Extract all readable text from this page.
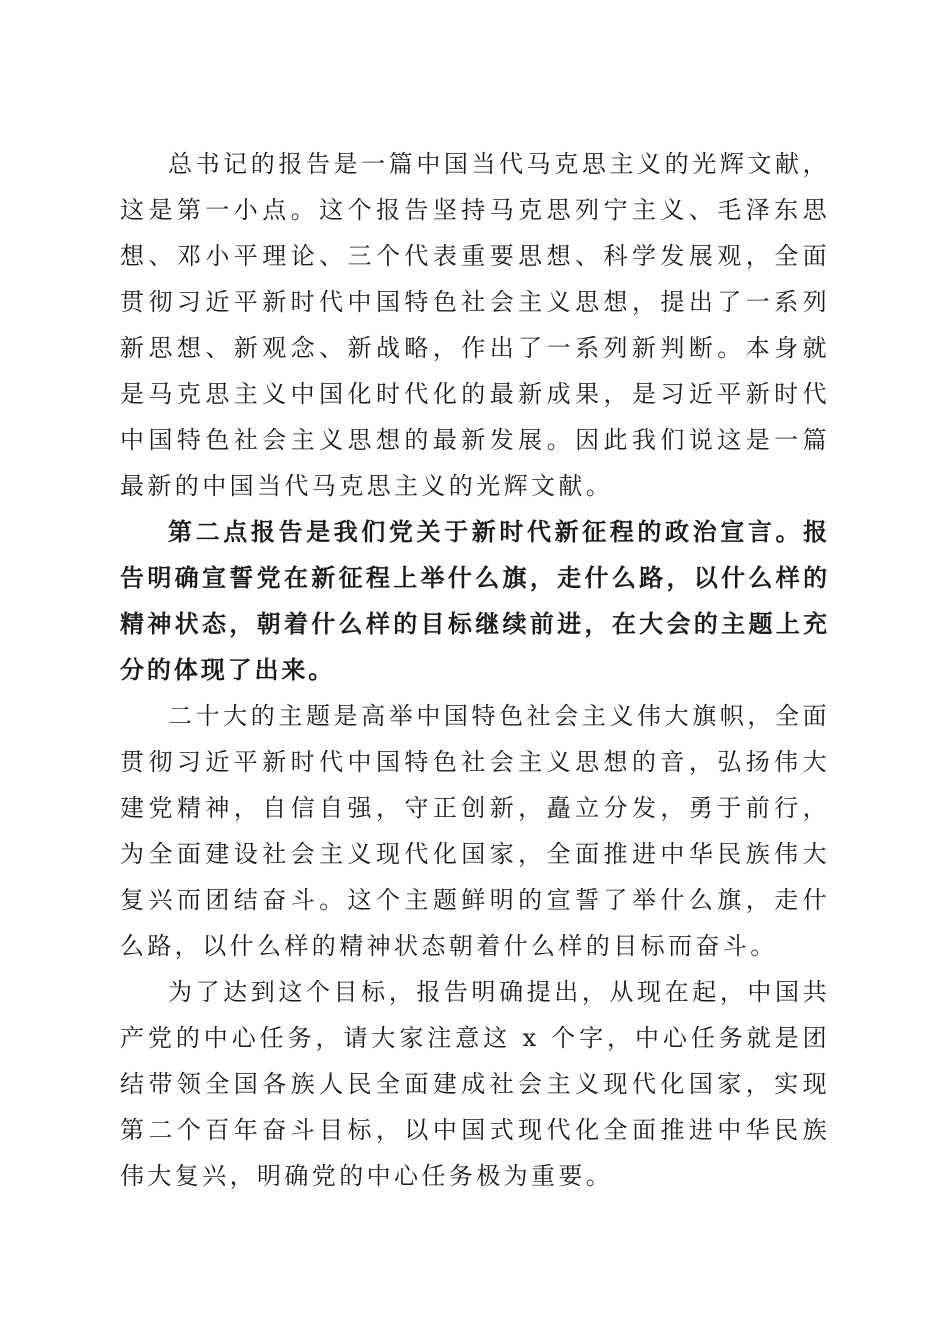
总书记的报告是一篇中国当代马克思主义的光辉文献，这是第一小点。这个报告坚持马克思列宁主义、毛泽东思想、邓小平理论、三个代表重要思想、科学发展观，全面贯彻习近平新时代中国特色社会主义思想，提出了一系列新思想、新观念、新战略，作出了一系列新判断。本身就是马克思主义中国化时代化的最新成果，是习近平新时代中国特色社会主义思想的最新发展。因此我们说这是一篇最新的中国当代马克思主义的光辉文献。

第二点报告是我们党关于新时代新征程的政治宣言。报告明确宣誓党在新征程上举什么旗，走什么路，以什么样的精神状态，朝着什么样的目标继续前进，在大会的主题上充分的体现了出来。

二十大的主题是高举中国特色社会主义伟大旗帜，全面贯彻习近平新时代中国特色社会主义思想的音，弘扬伟大建党精神，自信自强，守正创新，矗立分发，勇于前行，为全面建设社会主义现代化国家，全面推进中华民族伟大复兴而团结奋斗。这个主题鲜明的宣誓了举什么旗，走什么路，以什么样的精神状态朝着什么样的目标而奋斗。

为了达到这个目标，报告明确提出，从现在起，中国共产党的中心任务，请大家注意这 x 个字，中心任务就是团结带领全国各族人民全面建成社会主义现代化国家，实现第二个百年奋斗目标，以中国式现代化全面推进中华民族伟大复兴，明确党的中心任务极为重要。
